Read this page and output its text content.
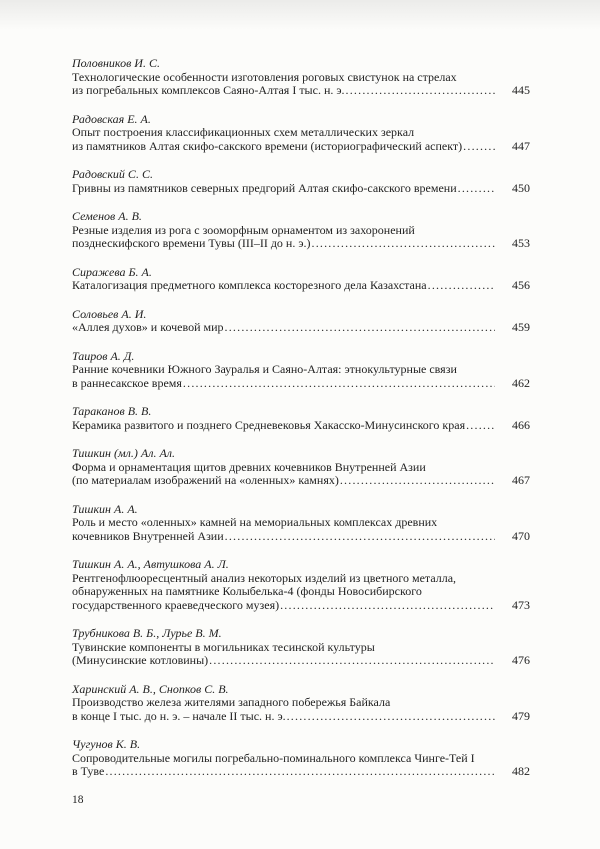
Половников И. С.
Технологические особенности изготовления роговых свистунок на стрелах
из погребальных комплексов Саяно-Алтая I тыс. н. э. .....	445
Радовская Е. А.
Опыт построения классификационных схем металлических зеркал
из памятников Алтая скифо-сакского времени (историографический аспект) .....	447
Радовский С. С.
Гривны из памятников северных предгорий Алтая скифо-сакского времени .....	450
Семенов А. В.
Резные изделия из рога с зооморфным орнаментом из захоронений
позднескифского времени Тувы (III–II до н. э.) .....	453
Сиражева Б. А.
Каталогизация предметного комплекса косторезного дела Казахстана .....	456
Соловьев А. И.
«Аллея духов» и кочевой мир .....	459
Таиров А. Д.
Ранние кочевники Южного Зауралья и Саяно-Алтая: этнокультурные связи
в раннесакское время .....	462
Тараканов В. В.
Керамика развитого и позднего Средневековья Хакасско-Минусинского края .....	466
Тишкин (мл.) Ал. Ал.
Форма и орнаментация щитов древних кочевников Внутренней Азии
(по материалам изображений на «оленных» камнях) .....	467
Тишкин А. А.
Роль и место «оленных» камней на мемориальных комплексах древних
кочевников Внутренней Азии .....	470
Тишкин А. А., Автушкова А. Л.
Рентгенофлюоресцентный анализ некоторых изделий из цветного металла,
обнаруженных на памятнике Колыбелька-4 (фонды Новосибирского
государственного краеведческого музея) .....	473
Трубникова В. Б., Лурье В. М.
Тувинские компоненты в могильниках тесинской культуры
(Минусинские котловины) .....	476
Харинский А. В., Снопков С. В.
Производство железа жителями западного побережья Байкала
в конце I тыс. до н. э. – начале II тыс. н. э. .....	479
Чугунов К. В.
Сопроводительные могилы погребально-поминального комплекса Чинге-Тей I
в Туве .....	482
18
